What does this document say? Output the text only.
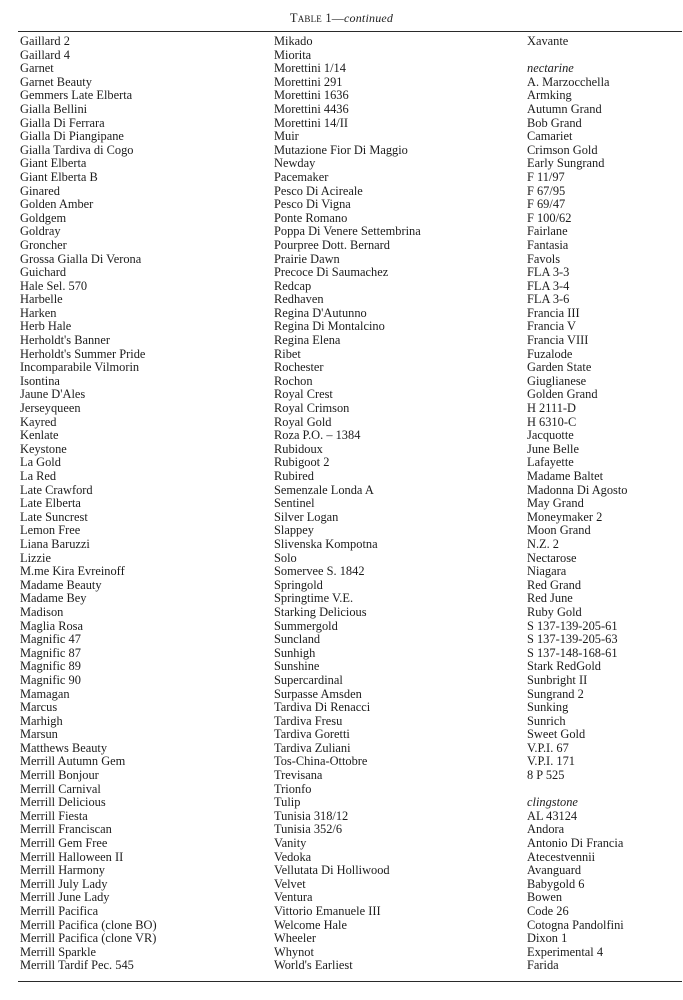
Table 1—continued
Gaillard 2
Gaillard 4
Garnet
Garnet Beauty
Gemmers Late Elberta
Gialla Bellini
Gialla Di Ferrara
Gialla Di Piangipane
Gialla Tardiva di Cogo
Giant Elberta
Giant Elberta B
Ginared
Golden Amber
Goldgem
Goldray
Groncher
Grossa Gialla Di Verona
Guichard
Hale Sel. 570
Harbelle
Harken
Herb Hale
Herholdt's Banner
Herholdt's Summer Pride
Incomparabile Vilmorin
Isontina
Jaune D'Ales
Jerseyqueen
Kayred
Kenlate
Keystone
La Gold
La Red
Late Crawford
Late Elberta
Late Suncrest
Lemon Free
Liana Baruzzi
Lizzie
M.me Kira Evreinoff
Madame Beauty
Madame Bey
Madison
Maglia Rosa
Magnific 47
Magnific 87
Magnific 89
Magnific 90
Mamagan
Marcus
Marhigh
Marsun
Matthews Beauty
Merrill Autumn Gem
Merrill Bonjour
Merrill Carnival
Merrill Delicious
Merrill Fiesta
Merrill Franciscan
Merrill Gem Free
Merrill Halloween II
Merrill Harmony
Merrill July Lady
Merrill June Lady
Merrill Pacifica
Merrill Pacifica (clone BO)
Merrill Pacifica (clone VR)
Merrill Sparkle
Merrill Tardif Pec. 545
Mikado
Miorita
Morettini 1/14
Morettini 291
Morettini 1636
Morettini 4436
Morettini 14/II
Muir
Mutazione Fior Di Maggio
Newday
Pacemaker
Pesco Di Acireale
Pesco Di Vigna
Ponte Romano
Poppa Di Venere Settembrina
Pourpree Dott. Bernard
Prairie Dawn
Precoce Di Saumachez
Redcap
Redhaven
Regina D'Autunno
Regina Di Montalcino
Regina Elena
Ribet
Rochester
Rochon
Royal Crest
Royal Crimson
Royal Gold
Roza P.O. – 1384
Rubidoux
Rubigoot 2
Rubired
Semenzale Londa A
Sentinel
Silver Logan
Slappey
Slivenska Kompotna
Solo
Somervee S. 1842
Springold
Springtime V.E.
Starking Delicious
Summergold
Suncland
Sunhigh
Sunshine
Supercardinal
Surpasse Amsden
Tardiva Di Renacci
Tardiva Fresu
Tardiva Goretti
Tardiva Zuliani
Tos-China-Ottobre
Trevisana
Trionfo
Tulip
Tunisia 318/12
Tunisia 352/6
Vanity
Vedoka
Vellutata Di Holliwood
Velvet
Ventura
Vittorio Emanuele III
Welcome Hale
Wheeler
Whynot
World's Earliest
Xavante
nectarine
A. Marzocchella
Armking
Autumn Grand
Bob Grand
Camariet
Crimson Gold
Early Sungrand
F 11/97
F 67/95
F 69/47
F 100/62
Fairlane
Fantasia
Favols
FLA 3-3
FLA 3-4
FLA 3-6
Francia III
Francia V
Francia VIII
Fuzalode
Garden State
Giuglianese
Golden Grand
H 2111-D
H 6310-C
Jacquotte
June Belle
Lafayette
Madame Baltet
Madonna Di Agosto
May Grand
Moneymaker 2
Moon Grand
N.Z. 2
Nectarose
Niagara
Red Grand
Red June
Ruby Gold
S 137-139-205-61
S 137-139-205-63
S 137-148-168-61
Stark RedGold
Sunbright II
Sungrand 2
Sunking
Sunrich
Sweet Gold
V.P.I. 67
V.P.I. 171
8 P 525
clingstone
AL 43124
Andora
Antonio Di Francia
Atecestvennii
Avanguard
Babygold 6
Bowen
Code 26
Cotogna Pandolfini
Dixon 1
Experimental 4
Farida
